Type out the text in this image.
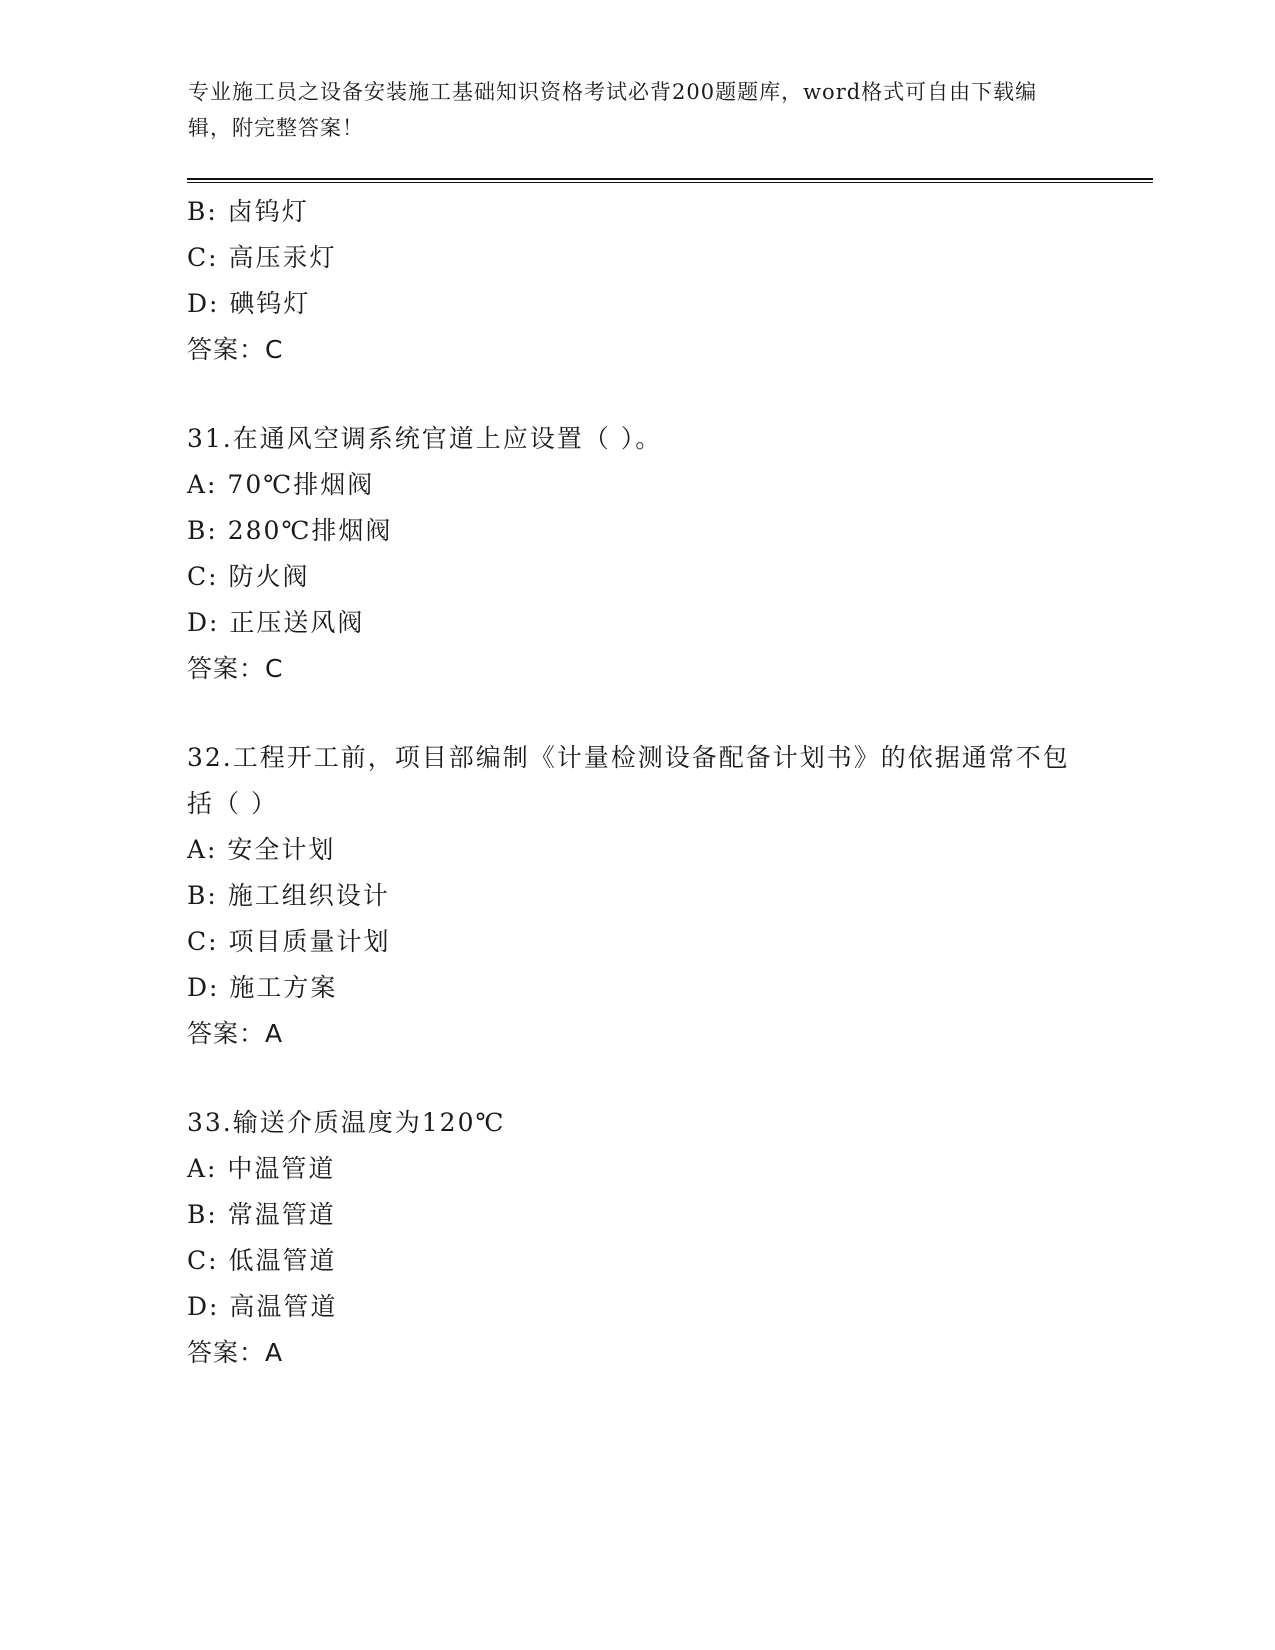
专业施工员之设备安装施工基础知识资格考试必背200题题库，word格式可自由下载编辑，附完整答案！
B: 卤钨灯
C: 高压汞灯
D: 碘钨灯
答案：C
31.在通风空调系统官道上应设置（ ）。
A: 70℃排烟阀
B: 280℃排烟阀
C: 防火阀
D: 正压送风阀
答案：C
32.工程开工前，项目部编制《计量检测设备配备计划书》的依据通常不包括（ ）
A: 安全计划
B: 施工组织设计
C: 项目质量计划
D: 施工方案
答案：A
33.输送介质温度为120℃
A: 中温管道
B: 常温管道
C: 低温管道
D: 高温管道
答案：A
